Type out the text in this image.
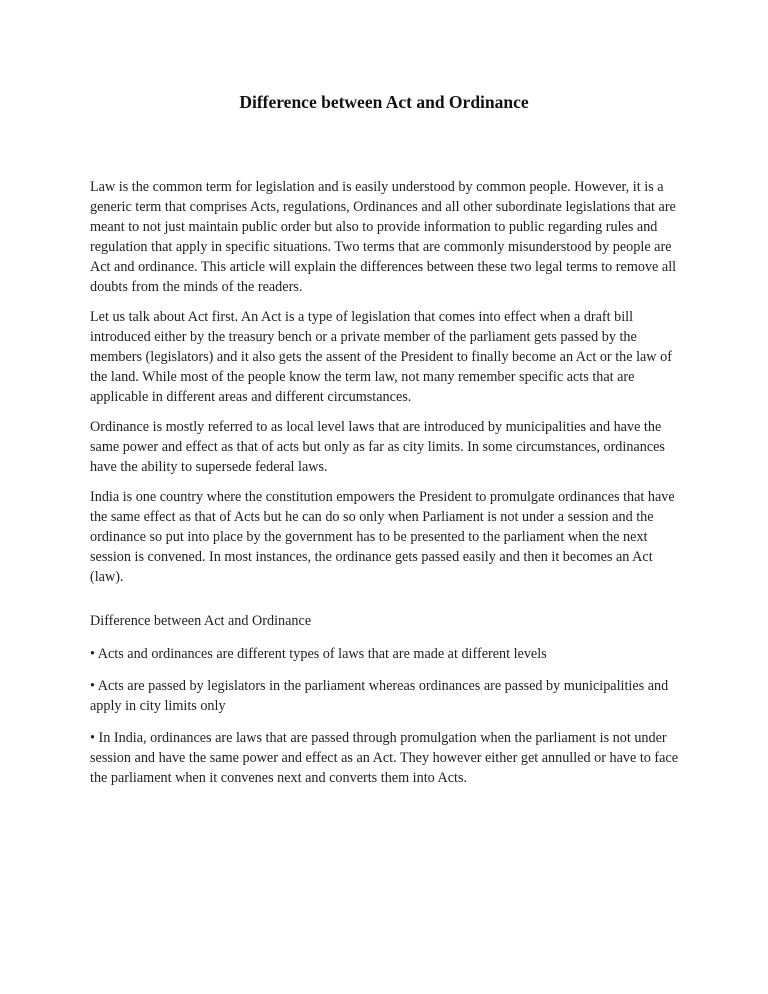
Difference between Act and Ordinance

Law is the common term for legislation and is easily understood by common people. However, it is a generic term that comprises Acts, regulations, Ordinances and all other subordinate legislations that are meant to not just maintain public order but also to provide information to public regarding rules and regulation that apply in specific situations. Two terms that are commonly misunderstood by people are Act and ordinance. This article will explain the differences between these two legal terms to remove all doubts from the minds of the readers.

Let us talk about Act first. An Act is a type of legislation that comes into effect when a draft bill introduced either by the treasury bench or a private member of the parliament gets passed by the members (legislators) and it also gets the assent of the President to finally become an Act or the law of the land. While most of the people know the term law, not many remember specific acts that are applicable in different areas and different circumstances.

Ordinance is mostly referred to as local level laws that are introduced by municipalities and have the same power and effect as that of acts but only as far as city limits. In some circumstances, ordinances have the ability to supersede federal laws.

India is one country where the constitution empowers the President to promulgate ordinances that have the same effect as that of Acts but he can do so only when Parliament is not under a session and the ordinance so put into place by the government has to be presented to the parliament when the next session is convened. In most instances, the ordinance gets passed easily and then it becomes an Act (law).

Difference between Act and Ordinance

• Acts and ordinances are different types of laws that are made at different levels

• Acts are passed by legislators in the parliament whereas ordinances are passed by municipalities and apply in city limits only

• In India, ordinances are laws that are passed through promulgation when the parliament is not under session and have the same power and effect as an Act. They however either get annulled or have to face the parliament when it convenes next and converts them into Acts.
